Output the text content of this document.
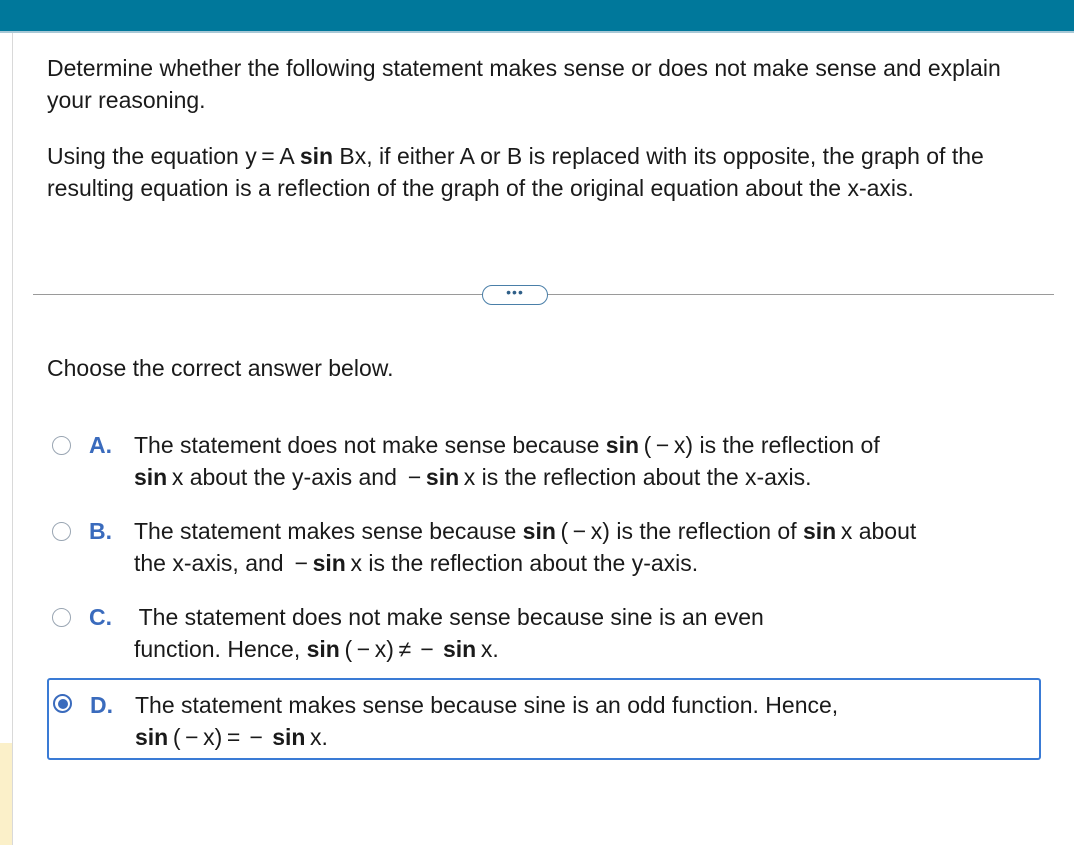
Determine whether the following statement makes sense or does not make sense and explain your reasoning.

Using the equation y = A sin Bx, if either A or B is replaced with its opposite, the graph of the resulting equation is a reflection of the graph of the original equation about the x-axis.

•••

Choose the correct answer below.

A. The statement does not make sense because sin ( − x) is the reflection of
sin x about the y-axis and  − sin x is the reflection about the x-axis.
B. The statement makes sense because sin ( − x) is the reflection of sin x about
the x-axis, and  − sin x is the reflection about the y-axis.
C.  The statement does not make sense because sine is an even
function. Hence, sin ( − x) ≠  −  sin x.
D. The statement makes sense because sine is an odd function. Hence,
sin ( − x) =  −  sin x.
